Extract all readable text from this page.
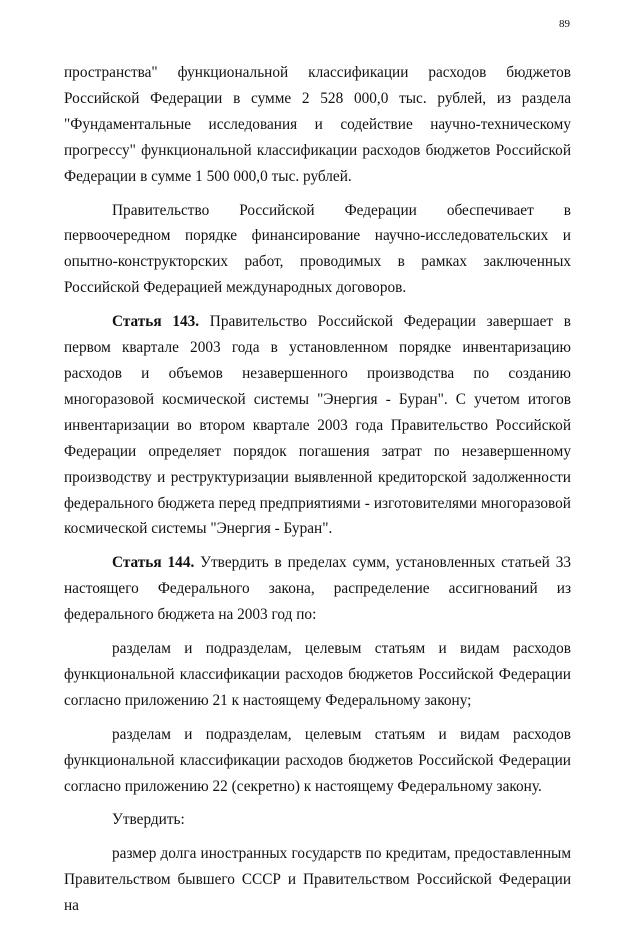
89

пространства" функциональной классификации расходов бюджетов Российской Федерации в сумме 2 528 000,0 тыс. рублей, из раздела "Фундаментальные исследования и содействие научно-техническому прогрессу" функциональной классификации расходов бюджетов Российской Федерации в сумме 1 500 000,0 тыс. рублей.

Правительство Российской Федерации обеспечивает в первоочередном порядке финансирование научно-исследовательских и опытно-конструкторских работ, проводимых в рамках заключенных Российской Федерацией международных договоров.

Статья 143. Правительство Российской Федерации завершает в первом квартале 2003 года в установленном порядке инвентаризацию расходов и объемов незавершенного производства по созданию многоразовой космической системы "Энергия - Буран". С учетом итогов инвентаризации во втором квартале 2003 года Правительство Российской Федерации определяет порядок погашения затрат по незавершенному производству и реструктуризации выявленной кредиторской задолженности федерального бюджета перед предприятиями - изготовителями многоразовой космической системы "Энергия - Буран".

Статья 144. Утвердить в пределах сумм, установленных статьей 33 настоящего Федерального закона, распределение ассигнований из федерального бюджета на 2003 год по:

разделам и подразделам, целевым статьям и видам расходов функциональной классификации расходов бюджетов Российской Федерации согласно приложению 21 к настоящему Федеральному закону;

разделам и подразделам, целевым статьям и видам расходов функциональной классификации расходов бюджетов Российской Федерации согласно приложению 22 (секретно) к настоящему Федеральному закону.

Утвердить:

размер долга иностранных государств по кредитам, предоставленным Правительством бывшего СССР и Правительством Российской Федерации на
